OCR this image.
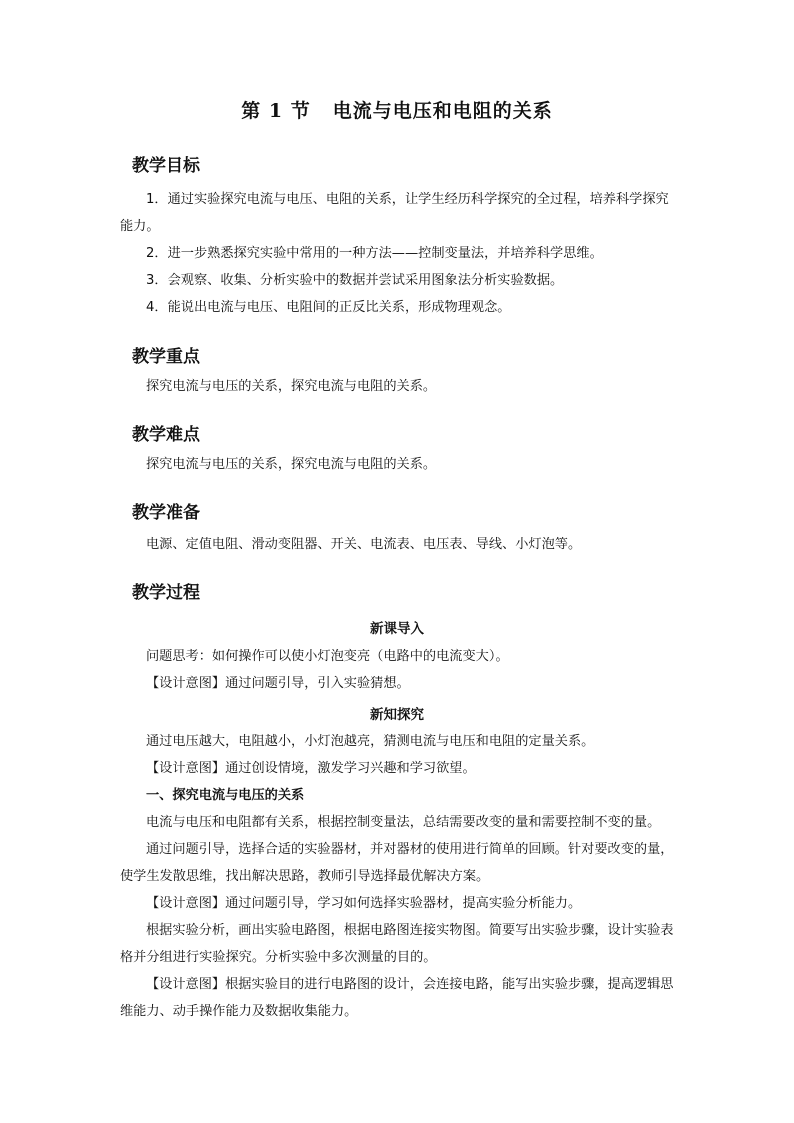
第 1 节 电流与电压和电阻的关系
教学目标
1．通过实验探究电流与电压、电阻的关系，让学生经历科学探究的全过程，培养科学探究能力。
2．进一步熟悉探究实验中常用的一种方法——控制变量法，并培养科学思维。
3．会观察、收集、分析实验中的数据并尝试采用图象法分析实验数据。
4．能说出电流与电压、电阻间的正反比关系，形成物理观念。
教学重点
探究电流与电压的关系，探究电流与电阻的关系。
教学难点
探究电流与电压的关系，探究电流与电阻的关系。
教学准备
电源、定值电阻、滑动变阻器、开关、电流表、电压表、导线、小灯泡等。
教学过程
新课导入
问题思考：如何操作可以使小灯泡变亮（电路中的电流变大）。
【设计意图】通过问题引导，引入实验猜想。
新知探究
通过电压越大，电阻越小，小灯泡越亮，猜测电流与电压和电阻的定量关系。
【设计意图】通过创设情境，激发学习兴趣和学习欲望。
一、探究电流与电压的关系
电流与电压和电阻都有关系，根据控制变量法，总结需要改变的量和需要控制不变的量。
通过问题引导，选择合适的实验器材，并对器材的使用进行简单的回顾。针对要改变的量，使学生发散思维，找出解决思路，教师引导选择最优解决方案。
【设计意图】通过问题引导，学习如何选择实验器材，提高实验分析能力。
根据实验分析，画出实验电路图，根据电路图连接实物图。简要写出实验步骤，设计实验表格并分组进行实验探究。分析实验中多次测量的目的。
【设计意图】根据实验目的进行电路图的设计，会连接电路，能写出实验步骤，提高逻辑思维能力、动手操作能力及数据收集能力。
